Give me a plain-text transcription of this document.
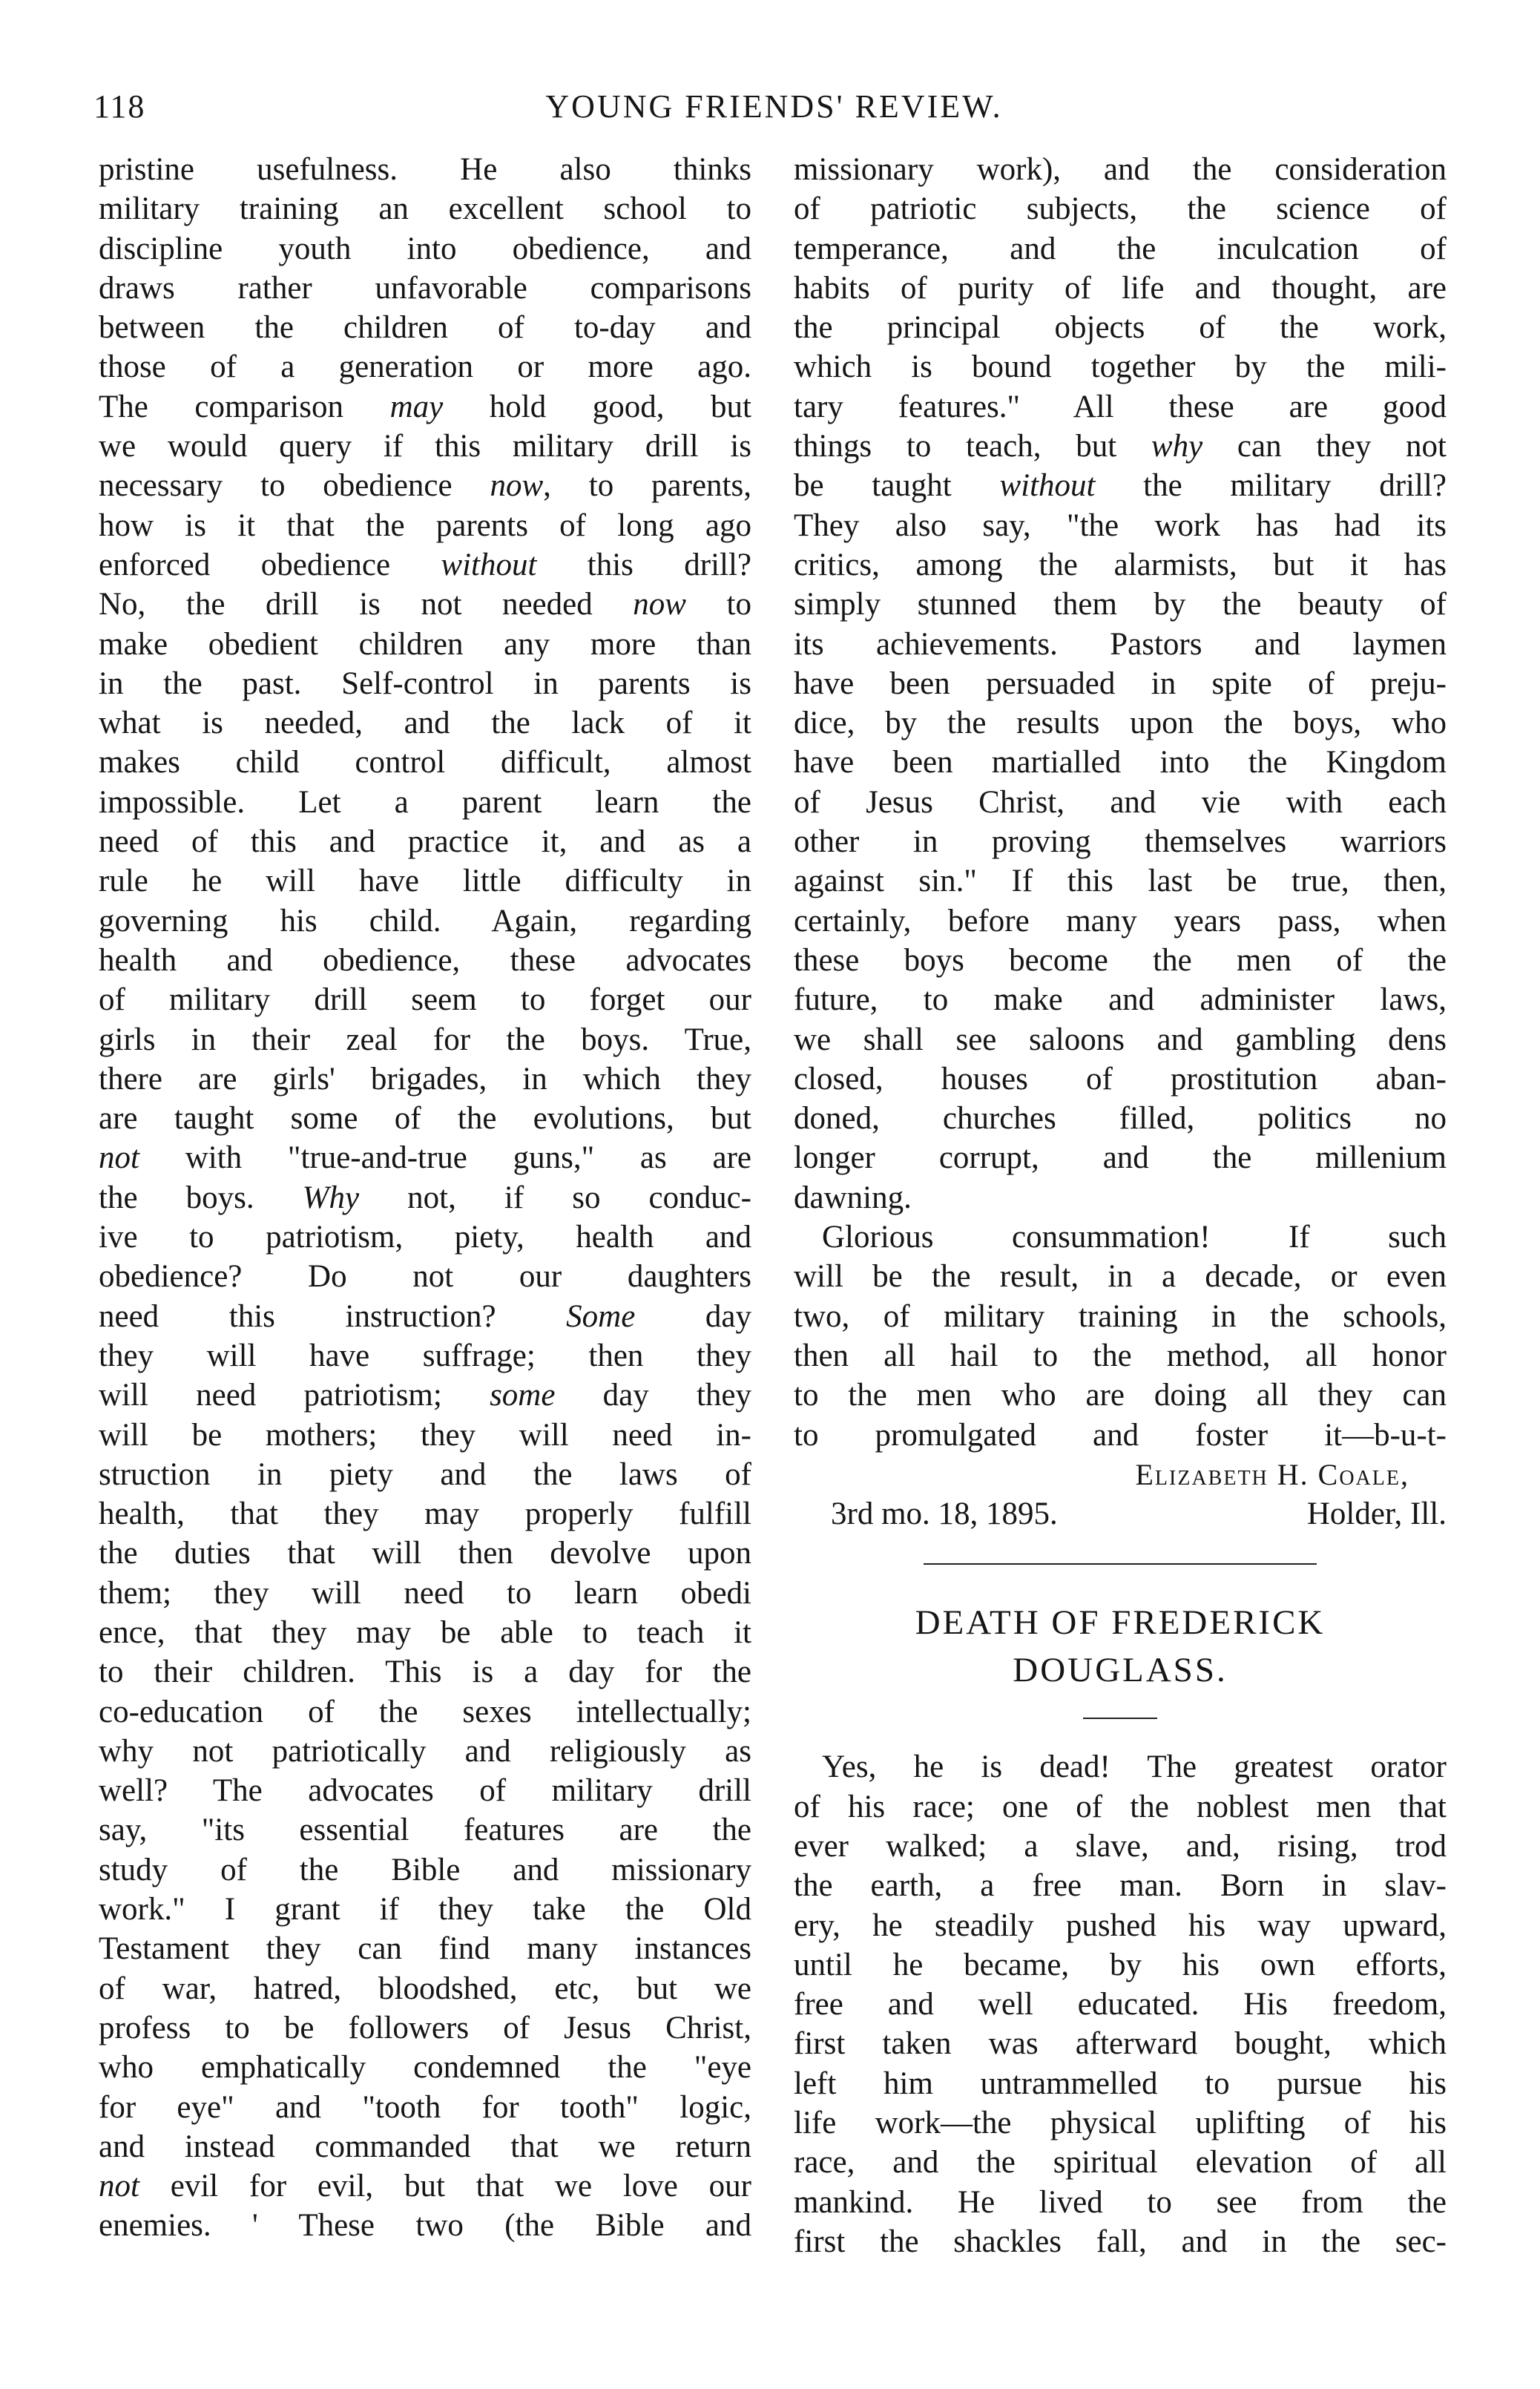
118	YOUNG FRIENDS' REVIEW.
pristine usefulness. He also thinks
military training an excellent school to
discipline youth into obedience, and
draws rather unfavorable comparisons
between the children of to-day and
those of a generation or more ago.
The comparison may hold good, but
we would query if this military drill is
necessary to obedience now, to parents,
how is it that the parents of long ago
enforced obedience without this drill?
No, the drill is not needed now to
make obedient children any more than
in the past. Self-control in parents is
what is needed, and the lack of it
makes child control difficult, almost
impossible. Let a parent learn the
need of this and practice it, and as a
rule he will have little difficulty in
governing his child. Again, regarding
health and obedience, these advocates
of military drill seem to forget our
girls in their zeal for the boys. True,
there are girls' brigades, in which they
are taught some of the evolutions, but
not with "true-and-true guns," as are
the boys. Why not, if so conduc-
ive to patriotism, piety, health and
obedience? Do not our daughters
need this instruction? Some day
they will have suffrage; then they
will need patriotism; some day they
will be mothers; they will need in-
struction in piety and the laws of
health, that they may properly fulfill
the duties that will then devolve upon
them; they will need to learn obedi
ence, that they may be able to teach it
to their children. This is a day for the
co-education of the sexes intellectually;
why not patriotically and religiously as
well? The advocates of military drill
say, "its essential features are the
study of the Bible and missionary
work." I grant if they take the Old
Testament they can find many instances
of war, hatred, bloodshed, etc, but we
profess to be followers of Jesus Christ,
who emphatically condemned the "eye
for eye" and "tooth for tooth" logic,
and instead commanded that we return
not evil for evil, but that we love our
enemies. ' These two (the Bible and
missionary work), and the consideration
of patriotic subjects, the science of
temperance, and the inculcation of
habits of purity of life and thought, are
the principal objects of the work,
which is bound together by the mili-
tary features." All these are good
things to teach, but why can they not
be taught without the military drill?
They also say, "the work has had its
critics, among the alarmists, but it has
simply stunned them by the beauty of
its achievements. Pastors and laymen
have been persuaded in spite of preju-
dice, by the results upon the boys, who
have been martialled into the Kingdom
of Jesus Christ, and vie with each
other in proving themselves warriors
against sin." If this last be true, then,
certainly, before many years pass, when
these boys become the men of the
future, to make and administer laws,
we shall see saloons and gambling dens
closed, houses of prostitution aban-
doned, churches filled, politics no
longer corrupt, and the millenium
dawning.
Glorious consummation! If such
will be the result, in a decade, or even
two, of military training in the schools,
then all hail to the method, all honor
to the men who are doing all they can
to promulgated and foster it—b-u-t-
Elizabeth H. Coale,
3rd mo. 18, 1895.	Holder, Ill.
DEATH OF FREDERICK
DOUGLASS.
Yes, he is dead! The greatest orator
of his race; one of the noblest men that
ever walked; a slave, and, rising, trod
the earth, a free man. Born in slav-
ery, he steadily pushed his way upward,
until he became, by his own efforts,
free and well educated. His freedom,
first taken was afterward bought, which
left him untrammelled to pursue his
life work—the physical uplifting of his
race, and the spiritual elevation of all
mankind. He lived to see from the
first the shackles fall, and in the sec-
